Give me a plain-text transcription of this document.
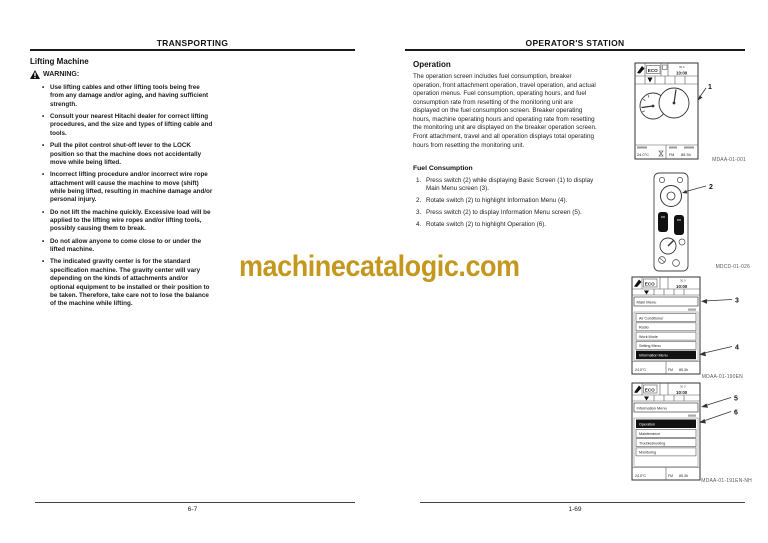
TRANSPORTING
Lifting Machine
WARNING:
• Use lifting cables and other lifting tools being free from any damage and/or aging, and having sufficient strength.
• Consult your nearest Hitachi dealer for correct lifting procedures, and the size and types of lifting cable and tools.
• Pull the pilot control shut-off lever to the LOCK position so that the machine does not accidentally move while being lifted.
• Incorrect lifting procedure and/or incorrect wire rope attachment will cause the machine to move (shift) while being lifted, resulting in machine damage and/or personal injury.
• Do not lift the machine quickly. Excessive load will be applied to the lifting wire ropes and/or lifting tools, possibly causing them to break.
• Do not allow anyone to come close to or under the lifted machine.
• The indicated gravity center is for the standard specification machine. The gravity center will vary depending on the kinds of attachments and/or optional equipment to be installed or their position to be taken. Therefore, take care not to lose the balance of the machine while lifting.
6-7
OPERATOR'S STATION
Operation
The operation screen includes fuel consumption, breaker operation, front attachment operation, travel operation, and actual operation menus. Fuel consumption, operating hours, and fuel consumption rate from resetting of the monitoring unit are displayed on the fuel consumption screen. Breaker operating hours, machine operating hours and operating rate from resetting the monitoring unit are displayed on the breaker operation screen. Front attachment, travel and all operation displays total operating hours from resetting the monitoring unit.
Fuel Consumption
1. Press switch (2) while displaying Basic Screen (1) to display Main Menu screen (3).
2. Rotate switch (2) to highlight Information Menu (4).
3. Press switch (2) to display Information Menu screen (5).
4. Rotate switch (2) to highlight Operation (6).
1-69
ECO
30.0
10:00
24.0°C	FM 85.3h
1
MDAA-01-001
2
MDCD-01-026
ECO
30.0
10:00
Main Menu
Air Conditioner
Radio
Work Mode
Setting Menu
Information Menu
24.0°C	FM 85.3h
3
4
MDAA-01-190EN
ECO
30.0
10:00
Information Menu
Operation
Maintenance
Troubleshooting
Monitoring
24.0°C	FM 85.3h
5
6
MDAA-01-191EN-NH
machinecatalogic.com
